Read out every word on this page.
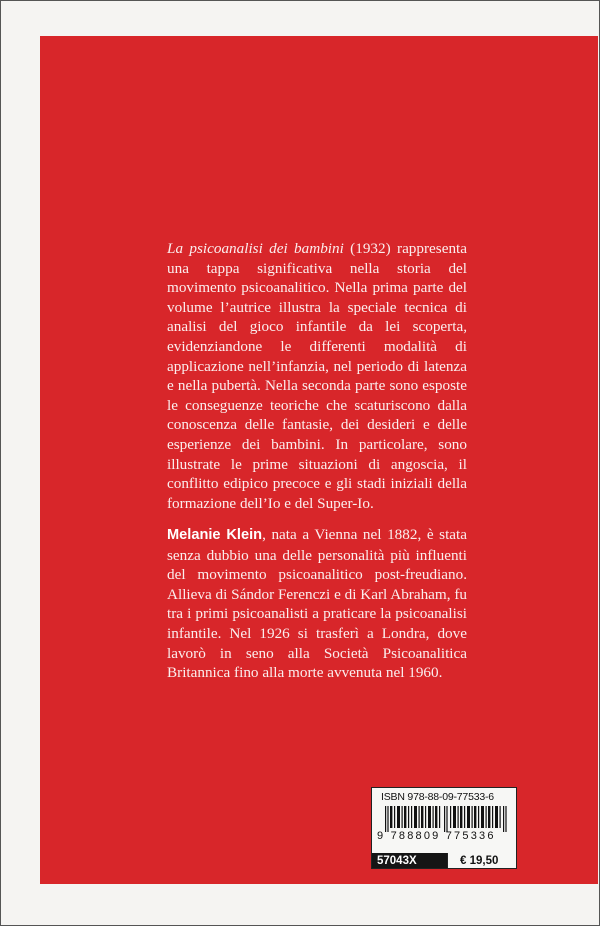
La psicoanalisi dei bambini (1932) rappresenta una tappa significativa nella storia del movimento psicoanalitico. Nella prima parte del volume l’autrice illustra la speciale tecnica di analisi del gioco infantile da lei scoperta, evidenziandone le differenti modalità di applicazione nell’infanzia, nel periodo di latenza e nella pubertà. Nella seconda parte sono esposte le conseguenze teoriche che scaturiscono dalla conoscenza delle fantasie, dei desideri e delle esperienze dei bambini. In particolare, sono illustrate le prime situazioni di angoscia, il conflitto edipico precoce e gli stadi iniziali della formazione dell’Io e del Super-Io.

Melanie Klein, nata a Vienna nel 1882, è stata senza dubbio una delle personalità più influenti del movimento psicoanalitico post-freudiano. Allieva di Sándor Ferenczi e di Karl Abraham, fu tra i primi psicoanalisti a praticare la psicoanalisi infantile. Nel 1926 si trasferì a Londra, dove lavorò in seno alla Società Psicoanalitica Britannica fino alla morte avvenuta nel 1960.

ISBN 978-88-09-77533-6
9 788809 775336
57043X	€ 19,50
